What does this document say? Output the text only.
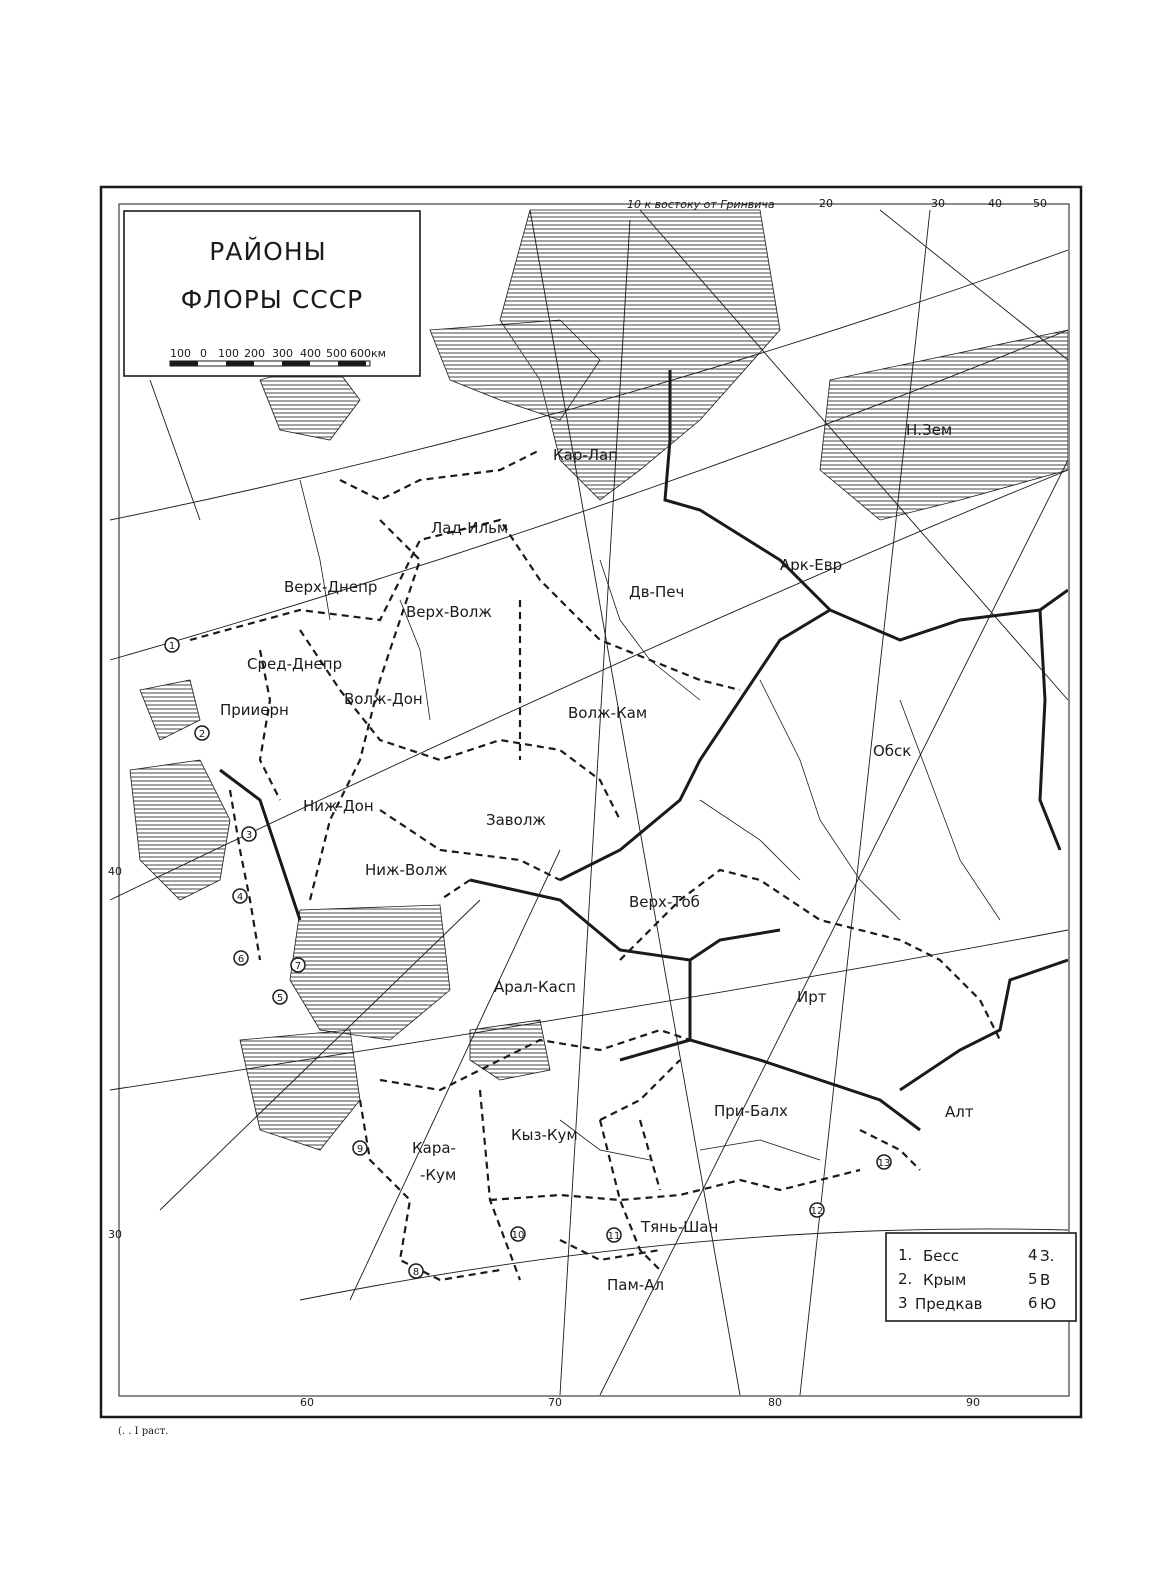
РАЙОНЫ
ФЛОРЫ СССР
100 0 100 200 300 400 500 600км
10 к востоку от Гринвича	20	30	40	50
60	70	80	90
40
30
Кар-Лап
Лад-Ильм
Верх-Днепр
Верх-Волж
Сред-Днепр
Прииерн
Волж-Дон
Дв-Печ
Волж-Кам
Арк-Евр
Н.Зем
Обск
Заволж
Ниж-Дон
Ниж-Волж
Верх-Тоб
Арал-Касп
Ирт
Алт
При-Балх
Кыз-Кум
Кара-
-Кум
Тянь-Шан
Пам-Ал
1
2
3
4
5
6
7
8
9
10	11
12
13
1. Бесс
2. Крым
3 Предкав
4 З.
5 В
6 Ю
(. . I раст.
